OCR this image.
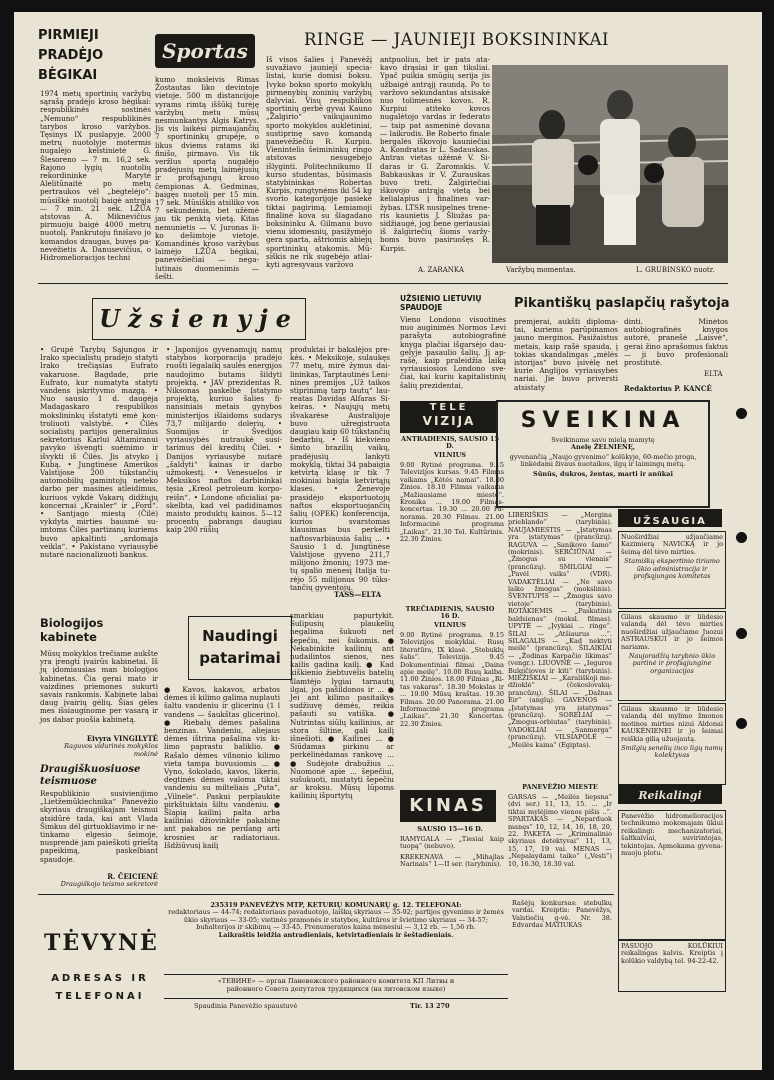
PIRMIEJI
PRADĖJO
BĖGIKAI
1974 metų sportinių varžybų sąrašą pradėjo kroso bėgikai: respublikinės sostinės „Nemuno“ respublikinės tarybos kroso varžybos. Tęsinys IX puslapyje. 2000 metrų nuotolyje motermis nugalėjo kelstinietė G. Šlesoreno — 7 m. 16,2 sek. Rajono lygių nuotolių rekordininke Marytė Alelitūnaitė po metų pertraukos vėl „bėgtelėjo“: mūsiškė nuotolį baigė antrąja — 7 min. 21 sek. LŽŪA atstovas A. Miknevičius pirmuoju baigė 4000 metrų nuotolį. Pankrutoju finišavo jo komandos draugas, buvęs panevėžietis A. Danusevičius, o Hidromelioracijos techni
Sportas
kumo moksleivis Rimas Žostautas liko devintoje vietoje. 500 m distancijoje vyrams rimtą iššūkį turėję varžybų metu mūsų nesmunkantys Algis Katrys. Jis vis laikėsi pirmaujančių 7 sportininkų grupėje, o likus dviems ratams iki finišo, pirmavo. Vis tik veržlus sportą nugalėjo pradėjusių metų laimėjusių ir profsąjungų kroso čempionas A. Gedminas, baigęs nuotolį per 15 min. 17 sek. Mūsiškis atsiliko vos 7 sekundėmis, bet užėmė jau tik penktą vietą. Kitas nemunietis — V. Juronas liko dešimtoje vietoje. Komandinės kroso varžybas laimėjo LŽŪA bėgikai, panevėžiečiai — negalutinais duomenimis — šešti.
RINGE — JAUNIEJI BOKSININKAI
Iš visos šalies į Panevėžį suvažiavo jaunieji specialistai, kurie domisi boksu. Įvyko bokso sporto mokyklų pirmenybių zoninių varžybų dalyviai. Visų respublikos sportinių gerbė gyvai Kauno „Žalgirio“ vaikųjaunimo sporto mokyklos auklėtiniai, sustiprinę savo komandą panevėžiečiu R. Kurpiu. Vienintelis šeimininkų ringo atstovas nesugebėjo išlyginti. Politechnikumo II kurso studentas, būsimasis statybininkas Robertas Kurpis, rungtynėms iki 54 kg svorio kategorijoje pasiekė tiktai pagirimą. Lemiamoji finalinė kova su šlagadano boksininku A. Gilmanu buvo vienu idomesnių, pasižymėjo gera sparta, aštriomis abiejų sportininkų atakomis. Mūsiškis ne rik sugebėjo atlaikyti agresyvaus varžovo
antpuolius, bet ir pats atakavo drąsiai ir gan tiksliai. Ypač puikia smūgių serija jis užbaigė antrąjį raundą. Po to varžovo sekundantas atsisakė nuo tolimesnės kovos. R. Kurpiui atiteko kovos nugalėtojo vardas ir federato — taip pat asmeninė dovana — laikrodis. Be Roberto finale bergalės iškovojo kauniečiai A. Kondratas ir L. Sadauskas. Antras vietas užėmė V. Sidaras ir G. Zaromskis. V. Babkauskas ir V. Zurauskas buvo treti. Žalgiriečiai iškovojo antrąją vietą bei kelialapius į finalines varžybas. LTSR nusipelnes treneris kaunietis J. Šliužas pasidžiaugė, jog bene geriausiai iš žalgiriečių šioms varžyboms buvo pasiruošęs R. Kurpis.
A. ZARANKA	Varžybų momentas.	L. GRUBINSKO nuotr.
Užsienyje
• Grupė Tarybų Sąjungos ir Irako specialistų pradėjo statyti Irako trečiąsias Eufrato vakaruose. Bagdade, prie Eufrato, kur numatyta statyti vandens įskrityvmo mazgą. • Nuo sausio 1 d. daugėja Madagaskaro respublikos mokslininkų išstatyti emė kontroliuoti valstybė. • Čilės socialistų partijos generalinius sekretorius Karlui Altamiranui pavyko išvengti suėmimo ir išvykti iš Čilės. Jis atvyko į Kubą. • Jungtinėse Amerikos Valstijose 200 tūkstančių automobilių gamintojų neteko darbo per masines atleidimus, kuriuos vykdė Vakarų didžiųjų koncernai „Kraisler“ ir „Ford“. • Santjago miestą (Čilė) vykdyta mirties bausmė suimtoms Čilės partizanų kuriems buvo apkaltinti „ardomąja veikla“. • Pakistano vyriausybė nutarė nacionalizuoti bankus.
• Japonijos gyvenamųjų namų statybos korporacija pradėjo ruošti lėgalaikį saulės energijos naudojimo butams šildyti projektą. • JAV prezidentas R. Niksonas paskelbė Įstatymo projektą, kuriuo šalies finansiniais metais gynybos ministerijos išlaidoms sudarys 73,7 milijardo dolerių. • Suomijos ir Švedijos vyriausybės nutraukė susitarimus dėl kreditų Čilei. • Danijos vyriausybė nutarė „šaldyti“ kainas ir darbo užmokestį. • Venesuelos ir Meksikos naftos darbininkai tęsia „Kreol petroleum korporeišn“. • Londone oficialiai paskelbta, kad vel padidinamos maisto produktų kainos. 5—12 procentų pabrangs daugiau kaip 200 rūšių
produktai ir bakalėjos prekės. • Meksikoje, sulaukęs 77 metų, mirė žymus dailininkas, Tarptautinės Leninines premijos „Už taikos stiprinimą tarp tautų“ laureatas Davidas Alfaras Sikeiras. • Naujųjų metų išvakarėse Australijoje buvo užregistruota daugiau kaip 60 tūkstančių bedarbių. • Iš kiekvieno šimto brazilių vaikų, pradėjusių lankyti mokyklą, tiktai 34 pabaigia ketvirtą klasę ir tik 7 mokiniai baigia ketvirtąjų klases. • Ženevoje prasidėjo eksportuotojų naftos eksportuojančių šalių (OPEK) konferencija, kurios svarstomas klausimas bus perkelti naftosvarbiausia šalių ... • Sausio 1 d. Jungtinėse Valstijose gyveno 211,7 milijono žmonių; 1973 metų spalio mėnesį Italija turėjo 55 milijonus 90 tūkstančių gyventojų.
TASS—ELTA
UŽSIENIO LIETUVIŲ SPAUDOJE
Vieno Londono visuotinės nuo auginimės Normos Levi parašyta autobiografinė knyga plačiai išgarsėjo daugelyje pasaulio šalių. Jį aprašė, kaip praleidžia laiką vyriausiosios Londono svečiai, kai kuriu kapitalistinių šalių prezidentai,
Pikantiškų paslapčių rašytoja
premjerai, aukšti diplomatai, kuriems parūpinamos jauno merginos. Pasižaistus metais, kaip rašė spauda, į tokias skandalingas „mėlės istorijas“ buvo įsivėlę net kurie Anglijos vyriausybės nariai. Jie buvo priversti atsistaty
dinti. Minėtos autobiografinės knygos autorė, pranešė „Laisvė“, gerai žino aprašomus faktus — ji buvo profesionali prostitutė.
ELTA
Redaktorius P. KANCĖ
TELE
VIZIJA
ANTRADIENIS, SAUSIO 15 D.
VILNIUS
9.00 Rytinė programa. 9.15 Televizijos kursas. 9.45 Filmas vaikams „Kėtės namai“. 18.00 Žinios. 18.10 Filmas vaikams „Mažiausiame mieste“. Kronika ... 19.00 Filmas-koncertas. 19.30 ... 20.00 Panorama. 20.30 Filmas. 21.00 Informacinė programa „Laikas“. 21.30 Tel. Kultūrinis. 22.30 Žinios.
TREČIADIENIS, SAUSIO 16 D.
VILNIUS
9.00 Rytinė programa. 9.15 Televizijos mokyklai. Rusų literatūra, IX klasė. „Stebuklų šalis“. Televizija. 9.45 Dokumentiniai filmai „Daina apie meilę“. 10.00 Rusų kalba. 11.00 Žinios. 18.00 Filmas „Ritas vakaras“. 18.30 Mokslas ir ... 19.00 Mūsų kraštas. 19.30 Filmas. 20.00 Panorama. 21.00 Informacinė programa „Laikas“. 21.30 Koncertas. 22.30 Žinios.
KINAS
SAUSIO 15—16 D.
RAMYGALA — „Tiesiai kaip tuopą“ (nebuvo).
KREKENAVA — „Mihajlas Narinais“ 1—II ser. (tarybinis).
SVEIKINA
Sveikiname savo mielą mamytę
Anelę ŽELNIENĘ,
gyvenančią „Naujo gyvenimo“ kolūkyje, 60-mečio proga, linkėdami živaus nuotaikos, ilgų ir laimingų metų.
Sūnūs, dukros, žentas, marti ir anūkai
LIBERIŠKIS — „Mergina prieblando“ (tarybinis). NAUJAMIESTIS — „Įstatymas yra įstatymas“ (prancūzų). RAGUVA — „Sanikovo šamo“ (mokrinis). SERČIŪNAI — „Žmogus su vienais“ (prancūzų). SMILGIAI — „Pavėl vaiks“ (VDR). VADAKTĖLIAI — „Ne savo laiko žmogus“ (mokslinis). ŠVENTUPIS — „Žmogus savo vietoje“ (tarybinis). ROTAKIEMIS — „Paskutinis baldsienas“ (moksl. filmas). UPYTĖ — „Įvykiai ... ringe“. ŠILAI — „Atšiaurus ...“. SILAGALIS — „Kad nektyti meilė“ (prancūzų). ŠILAIKIAI — „Žodinas Karpačio likimas“ (vengr.). LIUOVNĖ — „Ieguros Bulgičiovos ir kiti“ (tarybinis). MIEŽIŠKIAI — „Karališkoji medžioklė“ (čekoslovakų-prancūzų). ŠILAI — „Dažnas Eir“ (anglų). GAVENOS — „Įstatymas yra įstatymas“ (prancūzų). SORELIAI — „Žmogus-orbiutas“ (tarybinis). VADOKLIAI — „Sanmerga“ (prancūzų). VILSIAPOLĖ — „Meilės kaina“ (Egiptas).
PANEVĖŽIO MIESTE
GARSAS — „Meilės liepsna“ (dvi ser.) 11, 13, 15. ... „Ir tiktai mylėjimo vienos pišis ..“. SPARTAKAS — „Neparduok manęs“ 10, 12, 14, 16, 18, 20, 22. PAKETA — „Kriminalinio skyriaus detektyvai“ 11, 13, 15, 17, 19 vai. MENAS — „Nepalaydami taiko“ („Vesti“) 10, 16.30, 18.30 val.
UŽSAUGIA
Nuoširdžiai užjaučiame Kazimierą NAVICKĄ ir jo šeimą dėl tėvo mirties.
Stamiškų ekspertinio tiriamo ūkio administracija ir profsąjungos komitetas
Gilaus skausmo ir liūdesio valandą dėl tėvo mirties nuoširdžiai užjaučiame Juozui ASTRAUSKUI ir jo šeimos nariams.
Naujoradžių tarybnio ūkio partinė ir profsąjungine organizacijos
Gilaus skausmo ir liūdesio valandą dėl mylimo žmonos motinos mirties nizui Aldonai KAUKĖNIENEI ir jo šeimai reiškia gilią užuojautą.
Smilgių senelių inco ligų namų kolektyvas
Reikalingi
Panevėžio hidromelioracijos technikumo mokomajam ūkiui reikalingi: mechanizatoriai, šaltkalviai, suvirintojas, tekintojas. Apmokama gyvenamuoju plotu.
PASUOJO KOLŪKIUI reikalingas kalvis. Kreiptis į kolūkio valdybą tel. 94-22-42.
Biologijos
kabinete
Mūsų mokyklos trečiame aukšte yra įrengti įvairūs kabinetai. Iš jų įdomiausias man biologijos kabinetas. Čia gerai mato ir vaizdines priemones sukurti savais rankomis. Kabinete labai daug įvairių gėlių. Šias gėles mes išsiauginome per vasarą ir jos dabar puošia kabinetą.
Eivyra VINGILYTĖ
Raguvos vidurinės mokyklos mokinė
Draugiškuosiuose
teismuose
Respublikinio susivienijimo „Lietžemūkiechnika“ Panevėžio skyriaus draugiškajam teismui atsidūrė tada, kai ant Vlada Šimkus dėl girtuokliavimo ir netinkamo elgesio šeimoje, nusprendė jam paieškoti grieštą papeikimą, paskelbiant spaudoje.
R. ČEICIENĖ
Draugiškojo teismo sekretorė
Naudingi
patarimai
● Kavos, kakavos, arbatos dėmes iš kilimo galima nuplauti šaltu vandeniu ir glicerinu (1 l vandens — šaukštas glicerino). ● Riebalų dėmes pašalina benzinas. Vandeniu, aliejaus dėmes ištrina pašalina vis kilimo paprastu baliklio. ● Rašalo dėmes vilnonio kilimo vieta tampa buvusiomis ... ● Vyno, šokolado, kavos, likerio, degtinės dėmes valoma tiktai vandeniu su milteliais „Puta“, „Vilnele“. Paskui perplaukite pirkštuktais šiltu vandeniu. ● Šlapią kailinį palta arba kailiniai džiovinkite pakabinę ant pakabos ne perdang arti krosnies ar radiatoriaus. Išdžiūvusį kailį
smarkiau papurtykit. Sulipusių plaukelių negalima šukuoti net šepečiu, nei šukomis. ● Nekabinkite kailinių ant nudailintos sienos, nes kailis gadina kailį. ● Kad kiškienio žiebtuvėlis batelių šlamtėjo lygiai tarnautų ilgai, jos pašildonos ir ... ● Jei ant kilimo pasitaikys sudžiuvę dėmės, reikia pašauti su vatiška. ● Nutrintas siūlų kailinius, ar stora šiltine, gali kailį išnešioti. ● Kailinei ... ● Siūdamas pirkinu ar perkėlinėdamas rankovę ... ● Sudėjote drabužius ... Nuomonė apie ... šepečiui, sušukuoti, nustatyti šepečiu ar kroksu. Mūsų lūpoms kailinių išpurtytų
TĖVYNĖ
ADRESAS IR TELEFONAI
235319 PANEVĖŽYS MTP, KETURIŲ KOMUNARŲ g. 12. TELEFONAI:
redaktoriaus — 44-74; redaktoriaus pavaduotojo, laiškų skyriaus — 35-92; partijos gyvenimo ir žemės ūkio skyriaus — 33-05; vietinės pramonės ir statybos, kultūros ir švietimo skyriaus — 34-57; buhalterijos ir skibimų — 33-45. Prenumeratos kaina mėnesiui — 3,12 rb. — 1,56 rb.
Laikraštis leidžia antradieniais, ketvirtadieniais ir šeštadieniais.
«TEВИНЕ» — орган Паневежского районного комитета КП Литвы и
районного Совета депутатов трудящихся (на литовском языке)
Spaudinia Panevėžio spaustuvė	Tir. 13 270
Rašėjų konkursas: stebulkų vardai. Kreiptis: Panevėžys, Valstiečių g-vė. Nr. 38. Edvardas MATIUKAS
